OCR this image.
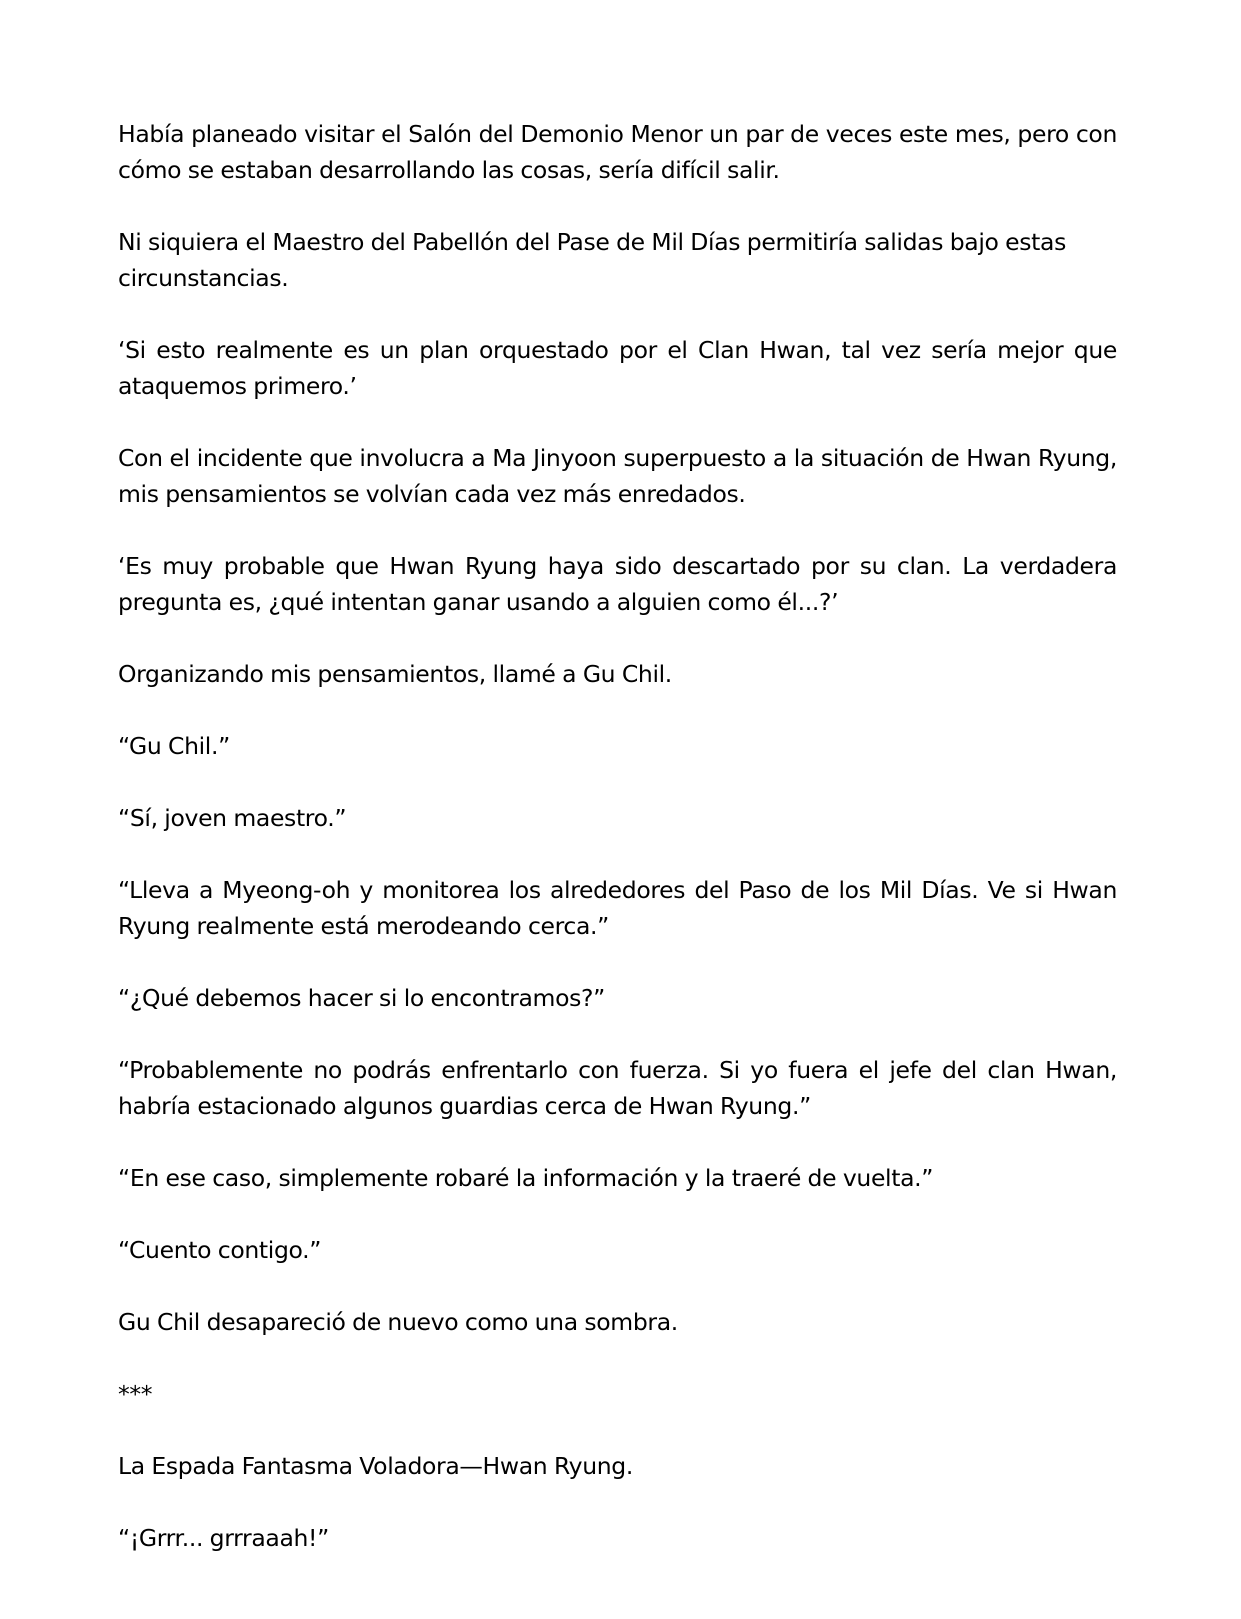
Había planeado visitar el Salón del Demonio Menor un par de veces este mes, pero con cómo se estaban desarrollando las cosas, sería difícil salir.

Ni siquiera el Maestro del Pabellón del Pase de Mil Días permitiría salidas bajo estas circunstancias.

‘Si esto realmente es un plan orquestado por el Clan Hwan, tal vez sería mejor que ataquemos primero.’

Con el incidente que involucra a Ma Jinyoon superpuesto a la situación de Hwan Ryung, mis pensamientos se volvían cada vez más enredados.

‘Es muy probable que Hwan Ryung haya sido descartado por su clan. La verdadera pregunta es, ¿qué intentan ganar usando a alguien como él...?’

Organizando mis pensamientos, llamé a Gu Chil.

“Gu Chil.”

“Sí, joven maestro.”

“Lleva a Myeong-oh y monitorea los alrededores del Paso de los Mil Días. Ve si Hwan Ryung realmente está merodeando cerca.”

“¿Qué debemos hacer si lo encontramos?”

“Probablemente no podrás enfrentarlo con fuerza. Si yo fuera el jefe del clan Hwan, habría estacionado algunos guardias cerca de Hwan Ryung.”

“En ese caso, simplemente robaré la información y la traeré de vuelta.”

“Cuento contigo.”

Gu Chil desapareció de nuevo como una sombra.

***

La Espada Fantasma Voladora—Hwan Ryung.

“¡Grrr... grrraaah!”
